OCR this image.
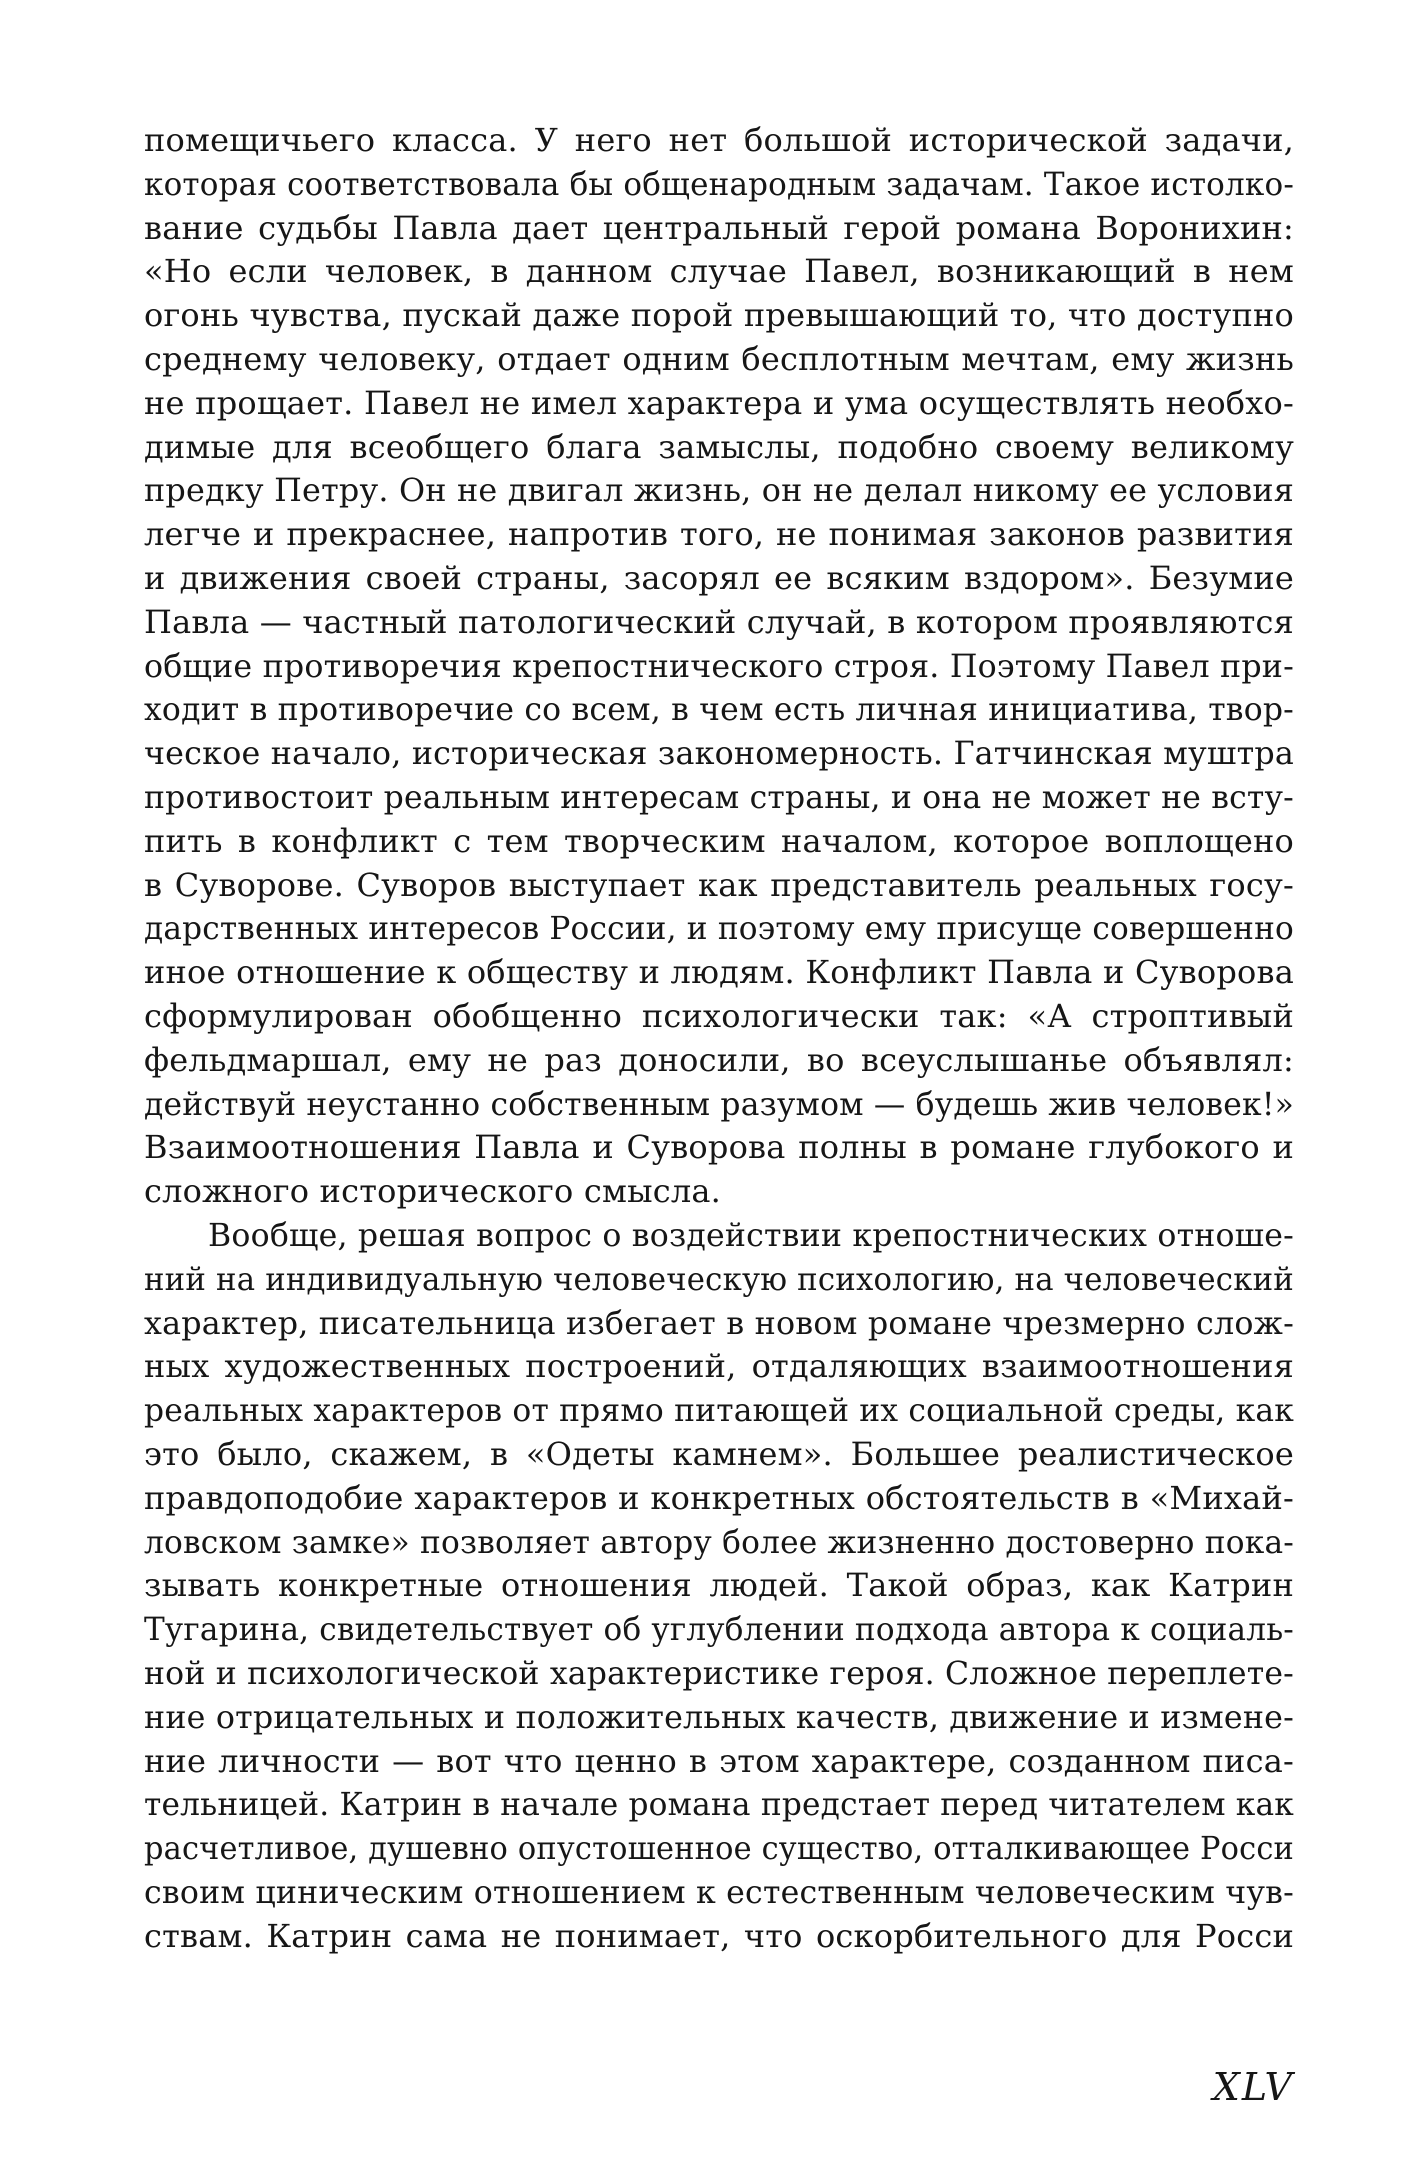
помещичьего класса. У него нет большой исторической задачи,
которая соответствовала бы общенародным задачам. Такое истолко-
вание судьбы Павла дает центральный герой романа Воронихин:
«Но если человек, в данном случае Павел, возникающий в нем
огонь чувства, пускай даже порой превышающий то, что доступно
среднему человеку, отдает одним бесплотным мечтам, ему жизнь
не прощает. Павел не имел характера и ума осуществлять необхо-
димые для всеобщего блага замыслы, подобно своему великому
предку Петру. Он не двигал жизнь, он не делал никому ее условия
легче и прекраснее, напротив того, не понимая законов развития
и движения своей страны, засорял ее всяким вздором». Безумие
Павла — частный патологический случай, в котором проявляются
общие противоречия крепостнического строя. Поэтому Павел при-
ходит в противоречие со всем, в чем есть личная инициатива, твор-
ческое начало, историческая закономерность. Гатчинская муштра
противостоит реальным интересам страны, и она не может не всту-
пить в конфликт с тем творческим началом, которое воплощено
в Суворове. Суворов выступает как представитель реальных госу-
дарственных интересов России, и поэтому ему присуще совершенно
иное отношение к обществу и людям. Конфликт Павла и Суворова
сформулирован обобщенно психологически так: «А строптивый
фельдмаршал, ему не раз доносили, во всеуслышанье объявлял:
действуй неустанно собственным разумом — будешь жив человек!»
Взаимоотношения Павла и Суворова полны в романе глубокого и
сложного исторического смысла.
Вообще, решая вопрос о воздействии крепостнических отноше-
ний на индивидуальную человеческую психологию, на человеческий
характер, писательница избегает в новом романе чрезмерно слож-
ных художественных построений, отдаляющих взаимоотношения
реальных характеров от прямо питающей их социальной среды, как
это было, скажем, в «Одеты камнем». Большее реалистическое
правдоподобие характеров и конкретных обстоятельств в «Михай-
ловском замке» позволяет автору более жизненно достоверно пока-
зывать конкретные отношения людей. Такой образ, как Катрин
Тугарина, свидетельствует об углублении подхода автора к социаль-
ной и психологической характеристике героя. Сложное переплете-
ние отрицательных и положительных качеств, движение и измене-
ние личности — вот что ценно в этом характере, созданном писа-
тельницей. Катрин в начале романа предстает перед читателем как
расчетливое, душевно опустошенное существо, отталкивающее Росси
своим циническим отношением к естественным человеческим чув-
ствам. Катрин сама не понимает, что оскорбительного для Росси
XLV
